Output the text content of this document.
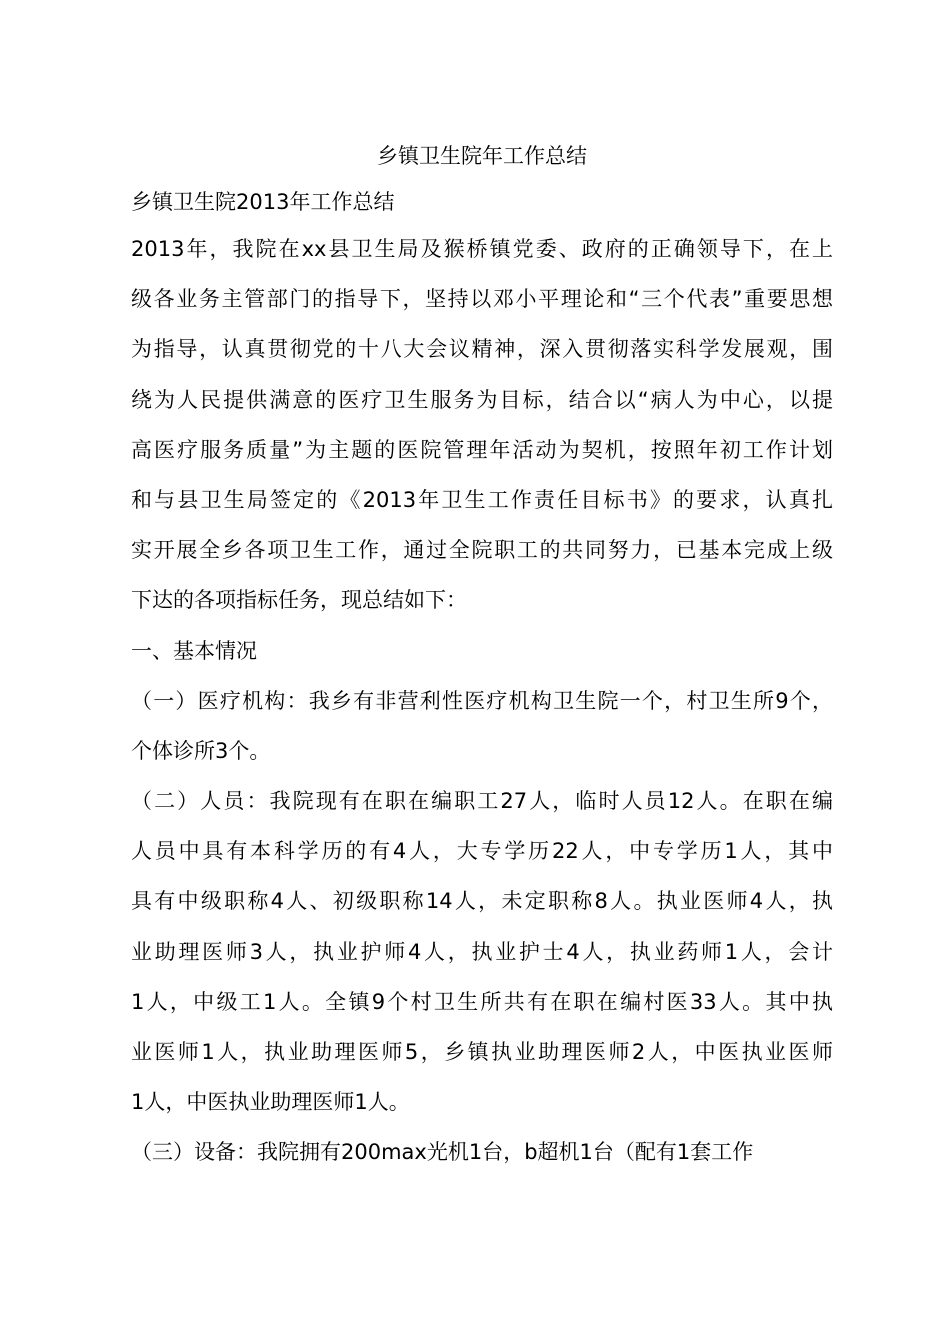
乡镇卫生院年工作总结

乡镇卫生院2013年工作总结

2013年，我院在xx县卫生局及猴桥镇党委、政府的正确领导下，在上

级各业务主管部门的指导下，坚持以邓小平理论和“三个代表”重要思想

为指导，认真贯彻党的十八大会议精神，深入贯彻落实科学发展观，围

绕为人民提供满意的医疗卫生服务为目标，结合以“病人为中心，以提

高医疗服务质量”为主题的医院管理年活动为契机，按照年初工作计划

和与县卫生局签定的《2013年卫生工作责任目标书》的要求，认真扎

实开展全乡各项卫生工作，通过全院职工的共同努力，已基本完成上级

下达的各项指标任务，现总结如下：

一、基本情况

（一）医疗机构：我乡有非营利性医疗机构卫生院一个，村卫生所9个，

个体诊所3个。

（二）人员：我院现有在职在编职工27人，临时人员12人。在职在编

人员中具有本科学历的有4人，大专学历22人，中专学历1人，其中

具有中级职称4人、初级职称14人，未定职称8人。执业医师4人，执

业助理医师3人，执业护师4人，执业护士4人，执业药师1人，会计

1人，中级工1人。全镇9个村卫生所共有在职在编村医33人。其中执

业医师1人，执业助理医师5，乡镇执业助理医师2人，中医执业医师

1人，中医执业助理医师1人。

（三）设备：我院拥有200max光机1台，b超机1台（配有1套工作
